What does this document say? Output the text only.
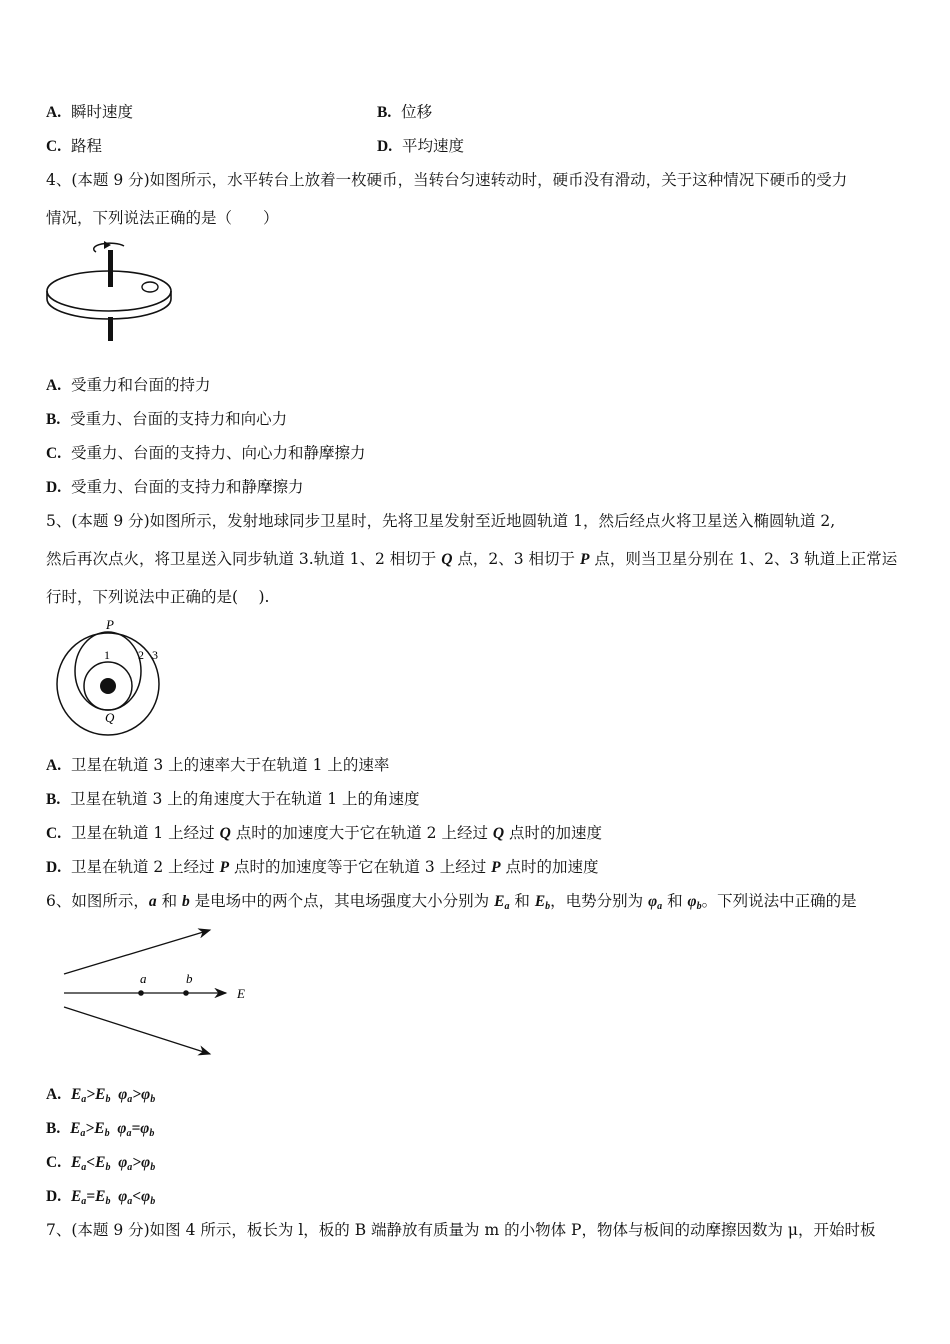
A. 瞬时速度	B. 位移
C. 路程	D. 平均速度
4、(本题 9 分)如图所示，水平转台上放着一枚硬币，当转台匀速转动时，硬币没有滑动，关于这种情况下硬币的受力
情况，下列说法正确的是（　　）
A. 受重力和台面的持力
B. 受重力、台面的支持力和向心力
C. 受重力、台面的支持力、向心力和静摩擦力
D. 受重力、台面的支持力和静摩擦力
5、(本题 9 分)如图所示，发射地球同步卫星时，先将卫星发射至近地圆轨道 1，然后经点火将卫星送入椭圆轨道 2,
然后再次点火，将卫星送入同步轨道 3.轨道 1、2 相切于 Q 点，2、3 相切于 P 点，则当卫星分别在 1、2、3 轨道上正常运
行时，下列说法中正确的是(　 ).
P
Q
1 2 3
A. 卫星在轨道 3 上的速率大于在轨道 1 上的速率
B. 卫星在轨道 3 上的角速度大于在轨道 1 上的角速度
C. 卫星在轨道 1 上经过 Q 点时的加速度大于它在轨道 2 上经过 Q 点时的加速度
D. 卫星在轨道 2 上经过 P 点时的加速度等于它在轨道 3 上经过 P 点时的加速度
6、如图所示，a 和 b 是电场中的两个点，其电场强度大小分别为 $E_a$ 和 $E_b$，电势分别为 $\varphi_a$ 和 $\varphi_b$。下列说法中正确的是
a	b
E
A. $E_a>E_b$ $\varphi_a>\varphi_b$
B. $E_a>E_b$ $\varphi_a=\varphi_b$
C. $E_a<E_b$ $\varphi_a>\varphi_b$
D. $E_a=E_b$ $\varphi_a<\varphi_b$
7、(本题 9 分)如图 4 所示，板长为 l，板的 B 端静放有质量为 m 的小物体 P，物体与板间的动摩擦因数为 μ，开始时板
